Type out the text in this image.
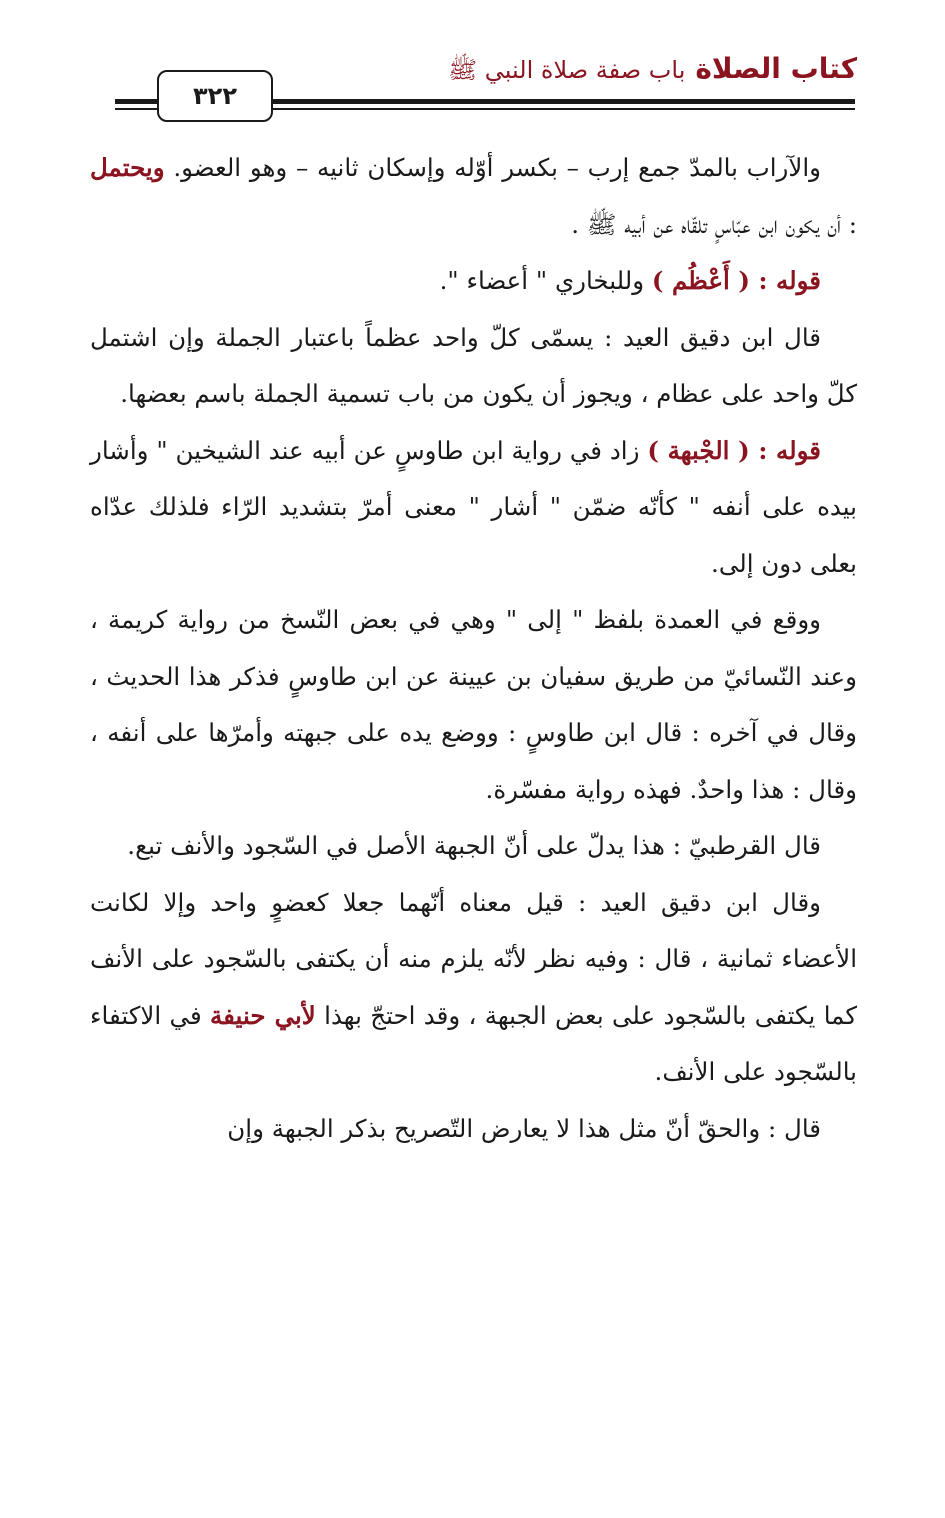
كتاب الصلاةباب صفة صلاة النبي ﷺ
٣٢٢

والآراب بالمدّ جمع إرب – بكسر أوّله وإسكان ثانيه – وهو العضو. ويحتمل : أن يكون ابن عبّاسٍ تلقّاه عن أبيه ﷺ .

قوله : ( أَعْظُم ) وللبخاري " أعضاء ".

قال ابن دقيق العيد : يسمّى كلّ واحد عظماً باعتبار الجملة وإن اشتمل كلّ واحد على عظام ، ويجوز أن يكون من باب تسمية الجملة باسم بعضها.

قوله : ( الجْبهة ) زاد في رواية ابن طاوسٍ عن أبيه عند الشيخين " وأشار بيده على أنفه " كأنّه ضمّن " أشار " معنى أمرّ بتشديد الرّاء فلذلك عدّاه بعلى دون إلى.

ووقع في العمدة بلفظ " إلى " وهي في بعض النّسخ من رواية كريمة ، وعند النّسائيّ من طريق سفيان بن عيينة عن ابن طاوسٍ فذكر هذا الحديث ، وقال في آخره : قال ابن طاوسٍ : ووضع يده على جبهته وأمرّها على أنفه ، وقال : هذا واحدٌ. فهذه رواية مفسّرة.

قال القرطبيّ : هذا يدلّ على أنّ الجبهة الأصل في السّجود والأنف تبع.

وقال ابن دقيق العيد : قيل معناه أنّهما جعلا كعضوٍ واحد وإلا لكانت الأعضاء ثمانية ، قال : وفيه نظر لأنّه يلزم منه أن يكتفى بالسّجود على الأنف كما يكتفى بالسّجود على بعض الجبهة ، وقد احتجّ بهذا لأبي حنيفة في الاكتفاء بالسّجود على الأنف.

قال : والحقّ أنّ مثل هذا لا يعارض التّصريح بذكر الجبهة وإن
